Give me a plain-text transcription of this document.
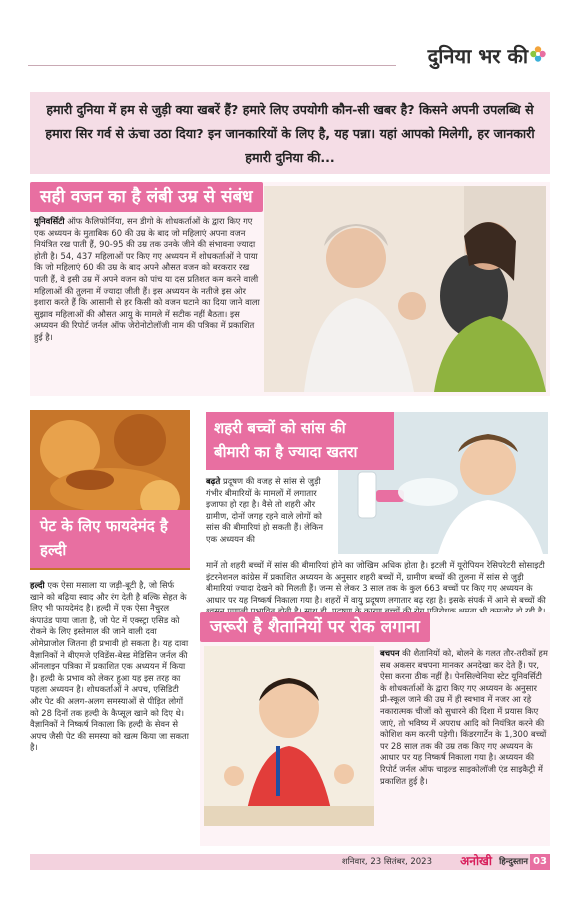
दुनिया भर की
हमारी दुनिया में हम से जुड़ी क्या खबरें हैं? हमारे लिए उपयोगी कौन-सी खबर है? किसने अपनी उपलब्धि से हमारा सिर गर्व से ऊंचा उठा दिया? इन जानकारियों के लिए है, यह पन्ना। यहां आपको मिलेगी, हर जानकारी हमारी दुनिया की...
सही वजन का है लंबी उम्र से संबंध
यूनिवर्सिटी ऑफ कैलिफोर्निया, सन डीगो के शोधकर्ताओं के द्वारा किए गए एक अध्ययन के मुताबिक 60 की उम्र के बाद जो महिलाएं अपना वजन नियंत्रित रख पाती हैं, 90-95 की उम्र तक उनके जीने की संभावना ज्यादा होती है। 54, 437 महिलाओं पर किए गए अध्ययन में शोधकर्ताओं ने पाया कि जो महिलाएं 60 की उम्र के बाद अपने औसत वजन को बरकरार रख पाती हैं, वे इसी उम्र में अपने वजन को पांच या दस प्रतिशत कम करने वाली महिलाओं की तुलना में ज्यादा जीती हैं। इस अध्ययन के नतीजे इस ओर इशारा करते हैं कि आसानी से हर किसी को वजन घटाने का दिया जाने वाला सुझाव महिलाओं की औसत आयु के मामले में सटीक नहीं बैठता। इस अध्ययन की रिपोर्ट जर्नल ऑफ जेरोनोटोलॉजी नाम की पत्रिका में प्रकाशित हुई है।
पेट के लिए फायदेमंद है हल्दी
शहरी बच्चों को सांस की बीमारी का है ज्यादा खतरा
बढ़ते प्रदूषण की वजह से सांस से जुड़ी गंभीर बीमारियों के मामलों में लगातार इजाफा हो रहा है। वैसे तो शहरी और ग्रामीण, दोनों जगह रहने वाले लोगों को सांस की बीमारियां हो सकती हैं। लेकिन एक अध्ययन की
मानें तो शहरी बच्चों में सांस की बीमारियां होने का जोखिम अधिक होता है। इटली में यूरोपियन रेसिपरेटरी सोसाइटी इंटरनेशनल कांग्रेस में प्रकाशित अध्ययन के अनुसार शहरी बच्चों में, ग्रामीण बच्चों की तुलना में सांस से जुड़ी बीमारियां ज्यादा देखने को मिलती हैं। जन्म से लेकर 3 साल तक के कुल 663 बच्चों पर किए गए अध्ययन के आधार पर यह निष्कर्ष निकाला गया है। शहरों में वायु प्रदूषण लगातार बढ़ रहा है। इसके संपर्क में आने से बच्चों की
हल्दी एक ऐसा मसाला या जड़ी-बूटी है, जो सिर्फ खाने को बढ़िया स्वाद और रंग देती है बल्कि सेहत के लिए भी फायदेमंद है। हल्दी में एक ऐसा नैचुरल कंपाउंड पाया जाता है, जो पेट में एक्स्ट्रा एसिड को रोकने के लिए इस्तेमाल की जाने वाली दवा ओमेप्राजोल जितना ही प्रभावी हो सकता है। यह दावा वैज्ञानिकों ने बीएमजे एविडेंस-बेस्ड मेडिसिन जर्नल की ऑनलाइन पत्रिका में प्रकाशित एक अध्ययन में किया है। हल्दी के प्रभाव को लेकर हुआ यह इस तरह का पहला अध्ययन है। शोधकर्ताओं ने अपच, एसिडिटी और पेट की अलग-अलग समस्याओं से पीड़ित लोगों को 28 दिनों तक हल्दी के कैप्सूल खाने को दिए थे। वैज्ञानिकों ने निष्कर्ष निकाला कि हल्दी के सेवन से अपच जैसी पेट की समस्या को खत्म किया जा सकता है।
जरूरी है शैतानियों पर रोक लगाना
बचपन की शैतानियों को, बोलने के गलत तौर-तरीकों हम सब अकसर बचपना मानकर अनदेखा कर देते हैं। पर, ऐसा करना ठीक नहीं है। पेनसिल्वेनिया स्टेट यूनिवर्सिटी के शोधकर्ताओं के द्वारा किए गए अध्ययन के अनुसार प्री-स्कूल जाने की उम्र में ही स्वभाव में नजर आ रहे नकारात्मक चीजों को सुधारने की दिशा में प्रयास किए जाएं, तो भविष्य में अपराध आदि को नियंत्रित करने की कोशिश कम करनी पड़ेगी। किंडरगार्टेन के 1,300 बच्चों पर 28 साल तक की उम्र तक किए गए अध्ययन के आधार पर यह निष्कर्ष निकाला गया है। अध्ययन की रिपोर्ट जर्नल ऑफ चाइल्ड साइकोलॉजी एंड साइकैट्री में प्रकाशित हुई है।
शनिवार, 23 सितंबर, 2023 अनोखी हिन्दुस्तान 03
